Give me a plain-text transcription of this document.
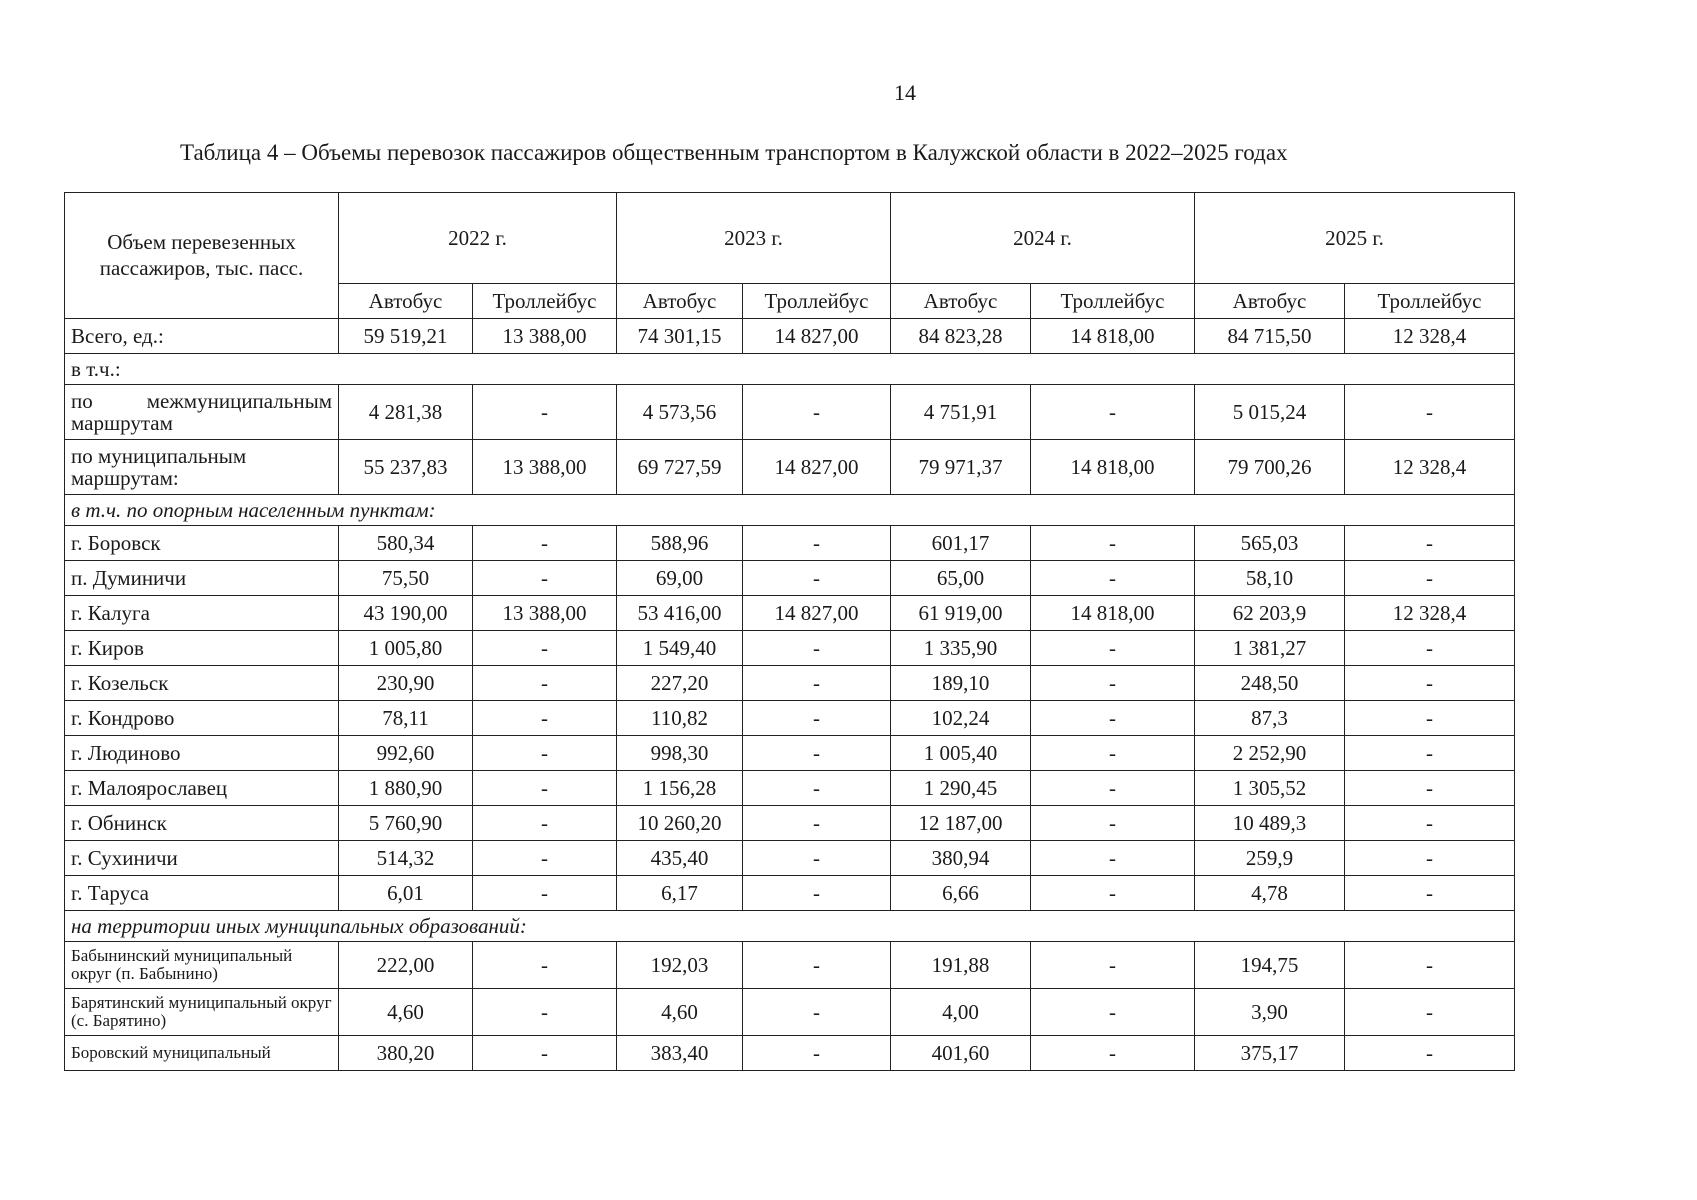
14
Таблица 4 – Объемы перевозок пассажиров общественным транспортом в Калужской области в 2022–2025 годах
Объем перевезенных пассажиров, тыс. пасс.	2022 г.		2023 г.		2024 г.		2025 г.	
	Автобус	Троллейбус	Автобус	Троллейбус	Автобус	Троллейбус	Автобус	Троллейбус
Всего, ед.:	59 519,21	13 388,00	74 301,15	14 827,00	84 823,28	14 818,00	84 715,50	12 328,4
в т.ч.:								
по межмуниципальным маршрутам	4 281,38	-	4 573,56	-	4 751,91	-	5 015,24	-
по муниципальным маршрутам:	55 237,83	13 388,00	69 727,59	14 827,00	79 971,37	14 818,00	79 700,26	12 328,4
в т.ч. по опорным населенным пунктам:								
г. Боровск	580,34	-	588,96	-	601,17	-	565,03	-
п. Думиничи	75,50	-	69,00	-	65,00	-	58,10	-
г. Калуга	43 190,00	13 388,00	53 416,00	14 827,00	61 919,00	14 818,00	62 203,9	12 328,4
г. Киров	1 005,80	-	1 549,40	-	1 335,90	-	1 381,27	-
г. Козельск	230,90	-	227,20	-	189,10	-	248,50	-
г. Кондрово	78,11	-	110,82	-	102,24	-	87,3	-
г. Людиново	992,60	-	998,30	-	1 005,40	-	2 252,90	-
г. Малоярославец	1 880,90	-	1 156,28	-	1 290,45	-	1 305,52	-
г. Обнинск	5 760,90	-	10 260,20	-	12 187,00	-	10 489,3	-
г. Сухиничи	514,32	-	435,40	-	380,94	-	259,9	-
г. Таруса	6,01	-	6,17	-	6,66	-	4,78	-
на территории иных муниципальных образований:								
Бабынинский муниципальный округ (п. Бабынино)	222,00	-	192,03	-	191,88	-	194,75	-
Барятинский муниципальный округ (с. Барятино)	4,60	-	4,60	-	4,00	-	3,90	-
Боровский муниципальный	380,20	-	383,40	-	401,60	-	375,17	-
